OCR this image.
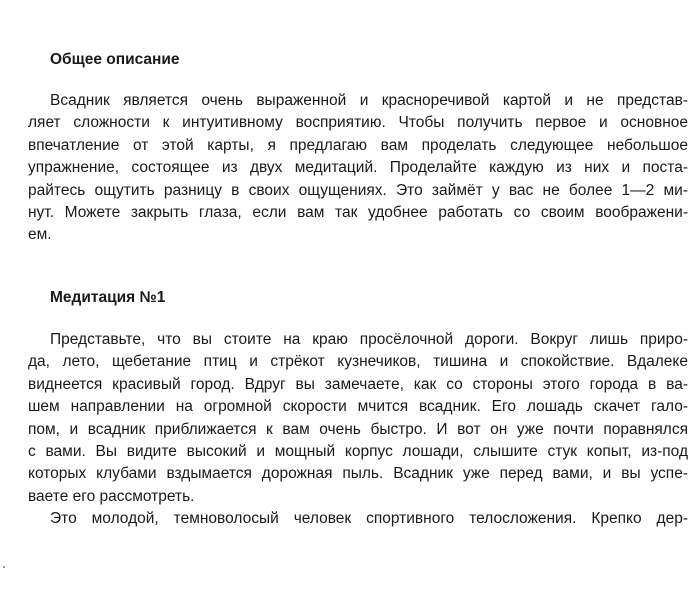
Общее описание
Всадник является очень выраженной и красноречивой картой и не представ-
ляет сложности к интуитивному восприятию. Чтобы получить первое и основное
впечатление от этой карты, я предлагаю вам проделать следующее небольшое
упражнение, состоящее из двух медитаций. Проделайте каждую из них и поста-
райтесь ощутить разницу в своих ощущениях. Это займёт у вас не более 1—2 ми-
нут. Можете закрыть глаза, если вам так удобнее работать со своим воображени-
ем.
Медитация №1
Представьте, что вы стоите на краю просёлочной дороги. Вокруг лишь приро-
да, лето, щебетание птиц и стрёкот кузнечиков, тишина и спокойствие. Вдалеке
виднеется красивый город. Вдруг вы замечаете, как со стороны этого города в ва-
шем направлении на огромной скорости мчится всадник. Его лошадь скачет гало-
пом, и всадник приближается к вам очень быстро. И вот он уже почти поравнялся
с вами. Вы видите высокий и мощный корпус лошади, слышите стук копыт, из-под
которых клубами вздымается дорожная пыль. Всадник уже перед вами, и вы успе-
ваете его рассмотреть.
Это молодой, темноволосый человек спортивного телосложения. Крепко дер-
